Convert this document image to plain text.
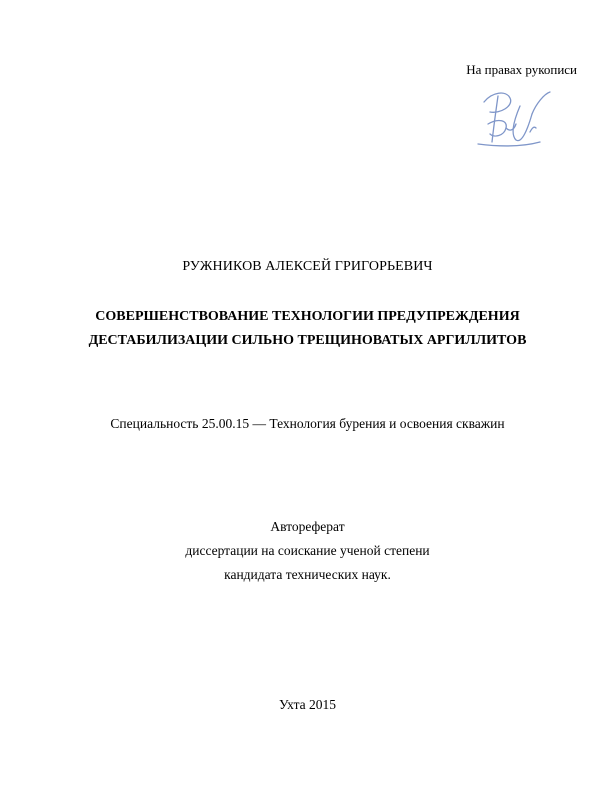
На правах рукописи
РУЖНИКОВ АЛЕКСЕЙ ГРИГОРЬЕВИЧ
СОВЕРШЕНСТВОВАНИЕ ТЕХНОЛОГИИ ПРЕДУПРЕЖДЕНИЯ
ДЕСТАБИЛИЗАЦИИ СИЛЬНО ТРЕЩИНОВАТЫХ АРГИЛЛИТОВ
Специальность 25.00.15 — Технология бурения и освоения скважин
Автореферат
диссертации на соискание ученой степени
кандидата технических наук.
Ухта 2015
